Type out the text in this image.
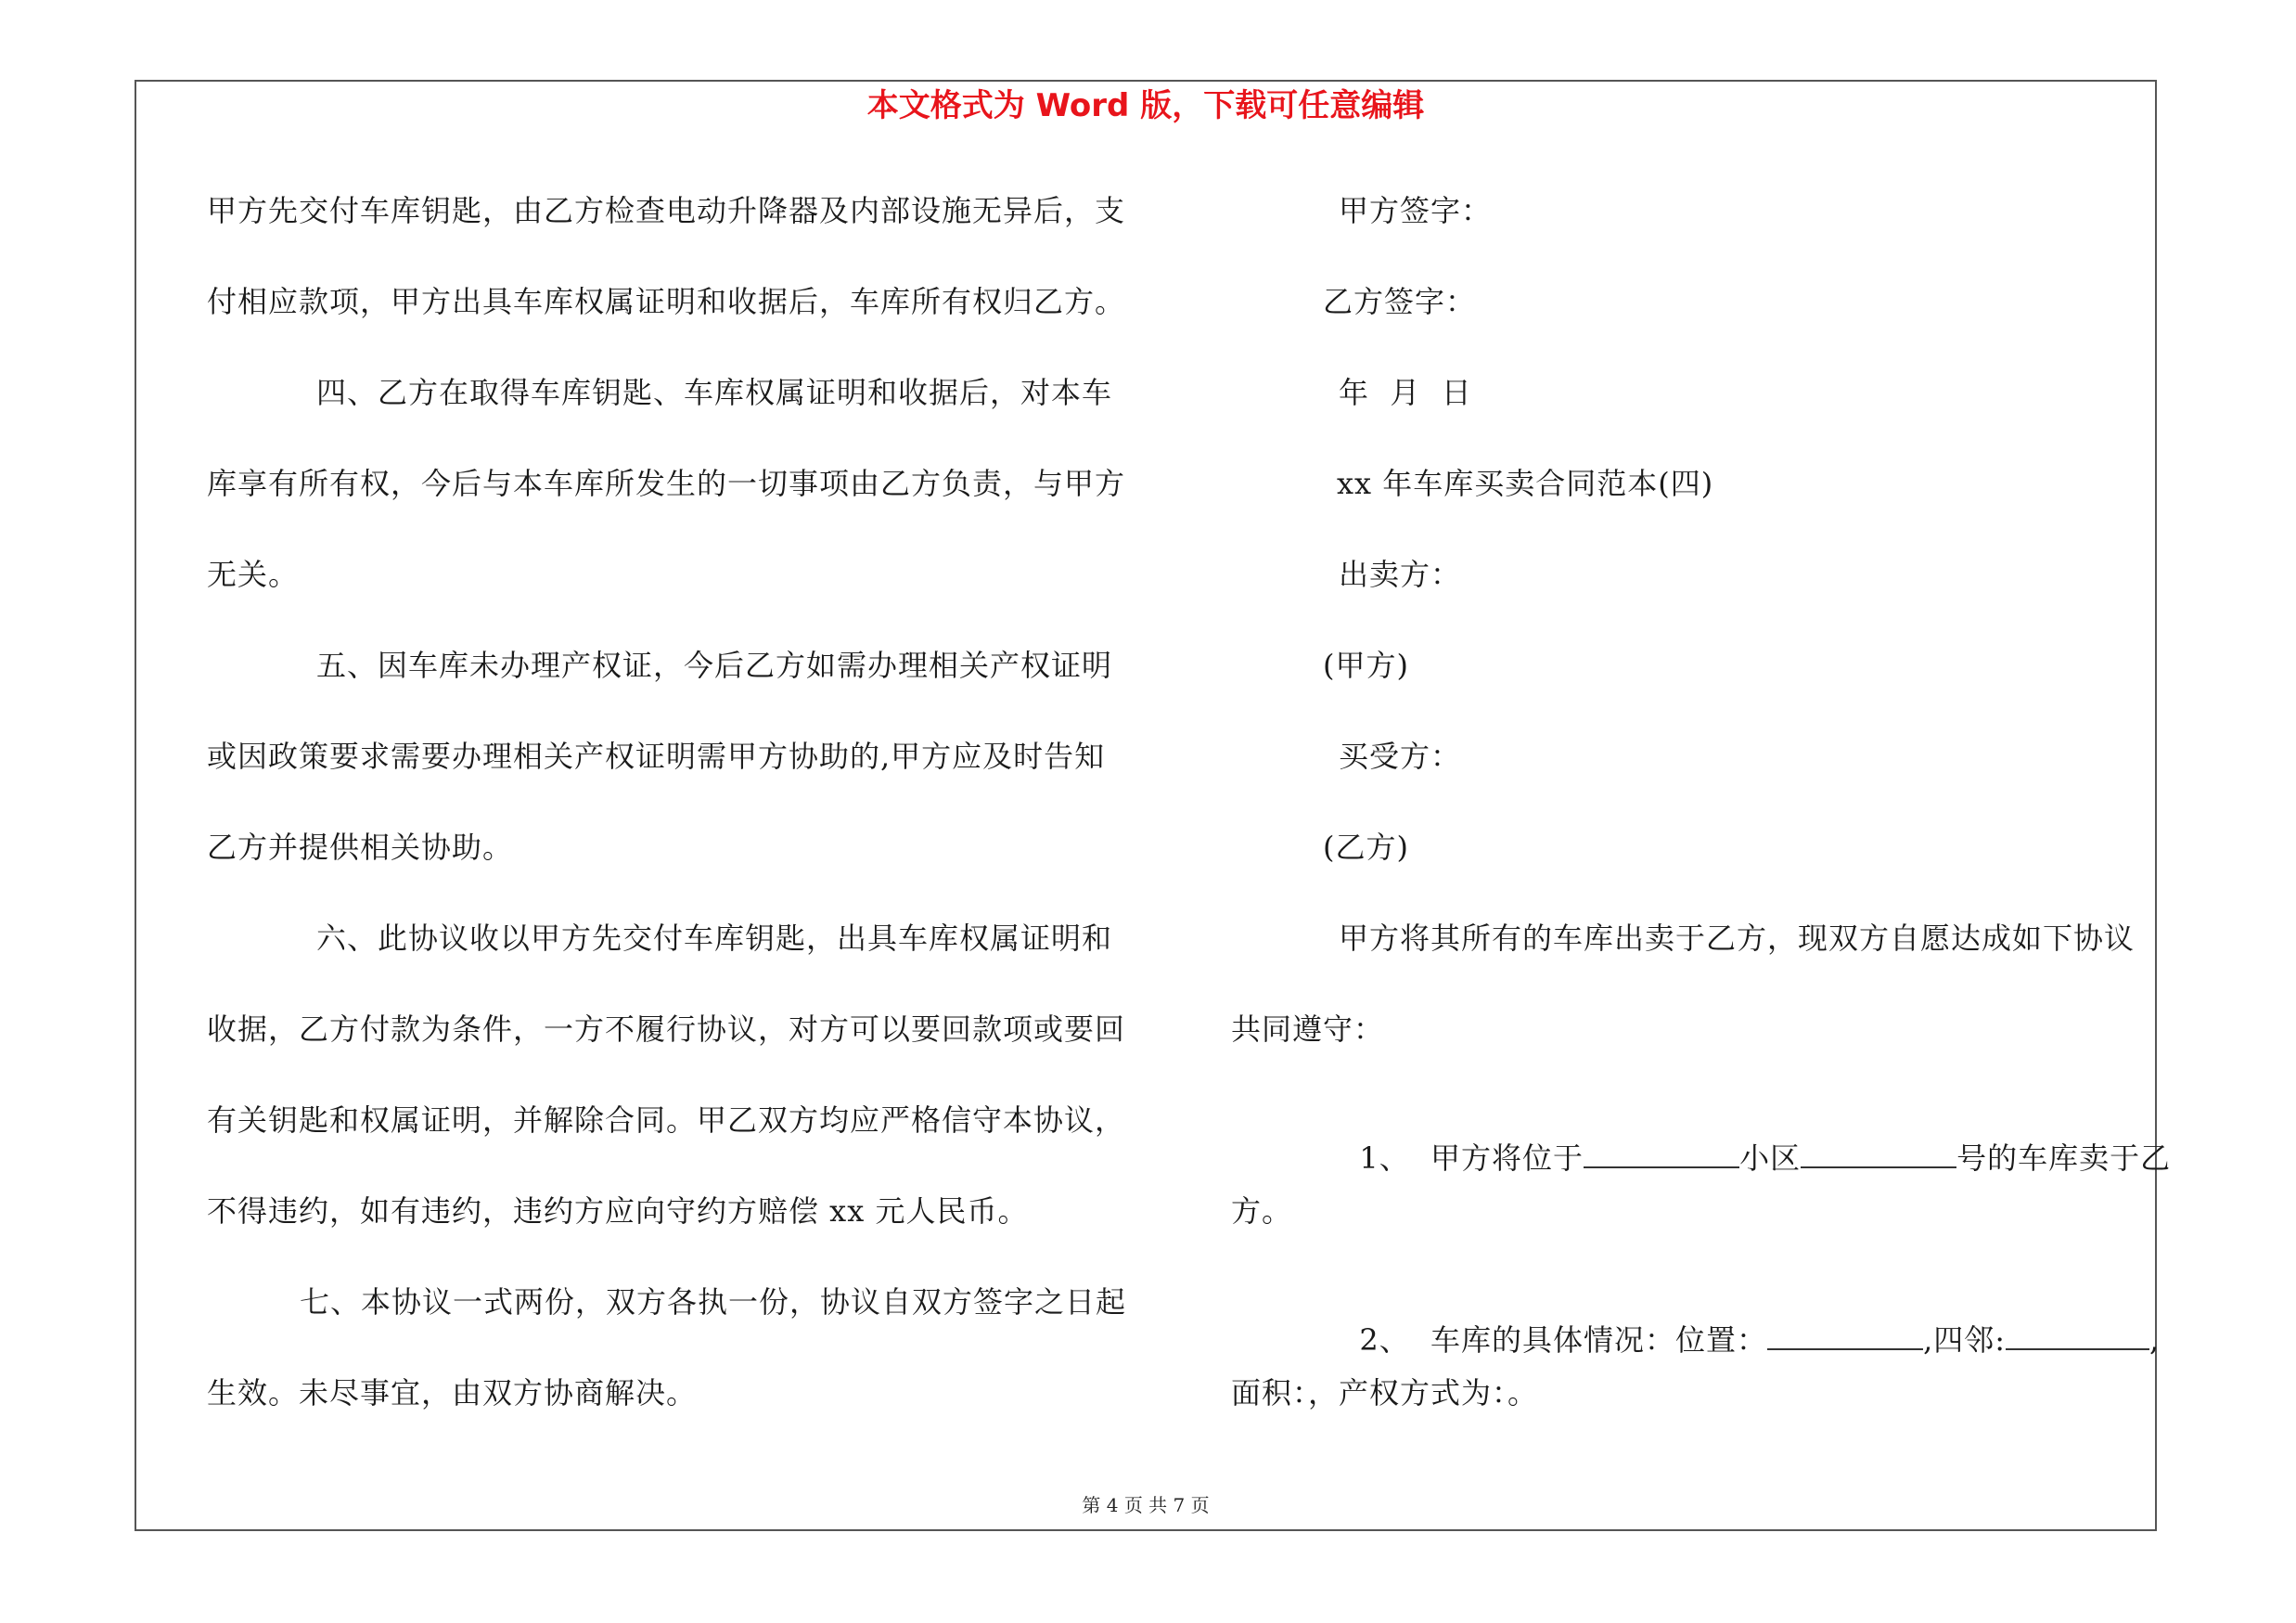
本文格式为 Word 版，下载可任意编辑
甲方先交付车库钥匙，由乙方检查电动升降器及内部设施无异后，支
付相应款项，甲方出具车库权属证明和收据后，车库所有权归乙方。
四、乙方在取得车库钥匙、车库权属证明和收据后，对本车
库享有所有权，今后与本车库所发生的一切事项由乙方负责，与甲方
无关。
五、因车库未办理产权证，今后乙方如需办理相关产权证明
或因政策要求需要办理相关产权证明需甲方协助的,甲方应及时告知
乙方并提供相关协助。
六、此协议收以甲方先交付车库钥匙，出具车库权属证明和
收据，乙方付款为条件，一方不履行协议，对方可以要回款项或要回
有关钥匙和权属证明，并解除合同。甲乙双方均应严格信守本协议，
不得违约，如有违约，违约方应向守约方赔偿 xx 元人民币。
七、本协议一式两份，双方各执一份，协议自双方签字之日起
生效。未尽事宜，由双方协商解决。
甲方签字：
乙方签字：
年  月  日
xx 年车库买卖合同范本(四)
出卖方：
(甲方)
买受方：
(乙方)
甲方将其所有的车库出卖于乙方，现双方自愿达成如下协议
共同遵守：

1、  甲方将位于	小区	号的车库卖于乙

方。

2、  车库的具体情况：位置：	,四邻:	,

面积：，产权方式为：。
第 4 页 共 7 页
